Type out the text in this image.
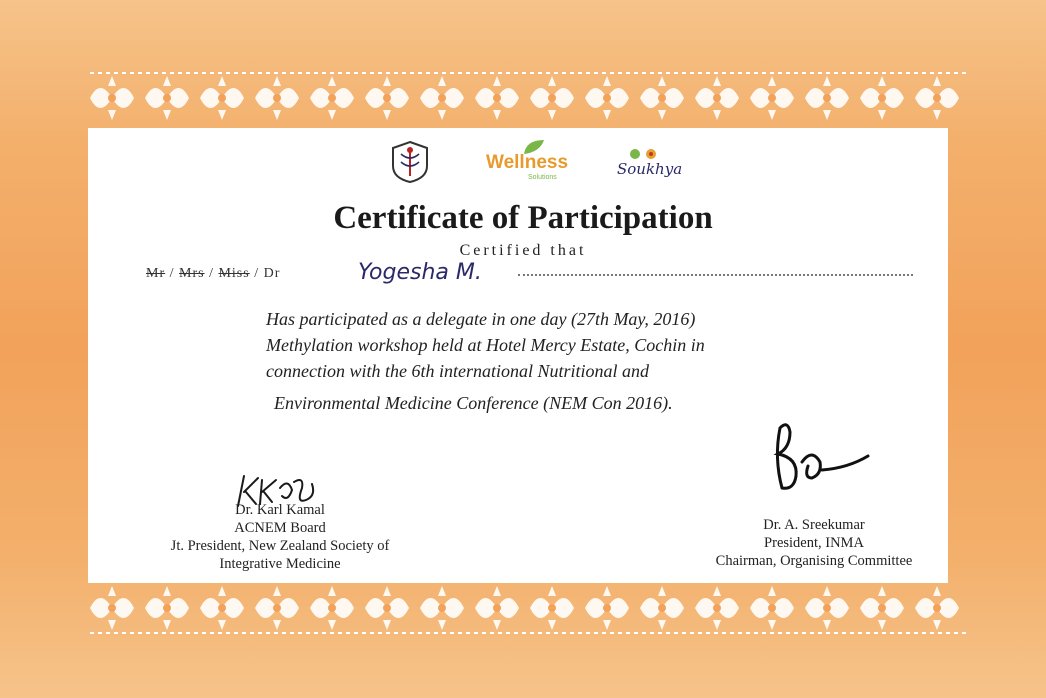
Wellness
Solutions	Soukhya
Certificate of Participation
Certified that
Mr / Mrs / Miss / Dr	Yogesha M.
Has participated as a delegate in one day (27th May, 2016)
Methylation workshop held at Hotel Mercy Estate, Cochin in
connection with the 6th international Nutritional and
Environmental Medicine Conference (NEM Con 2016).
Dr. Karl Kamal
ACNEM Board
Jt. President, New Zealand Society of
Integrative Medicine
Dr. A. Sreekumar
President, INMA
Chairman, Organising Committee
